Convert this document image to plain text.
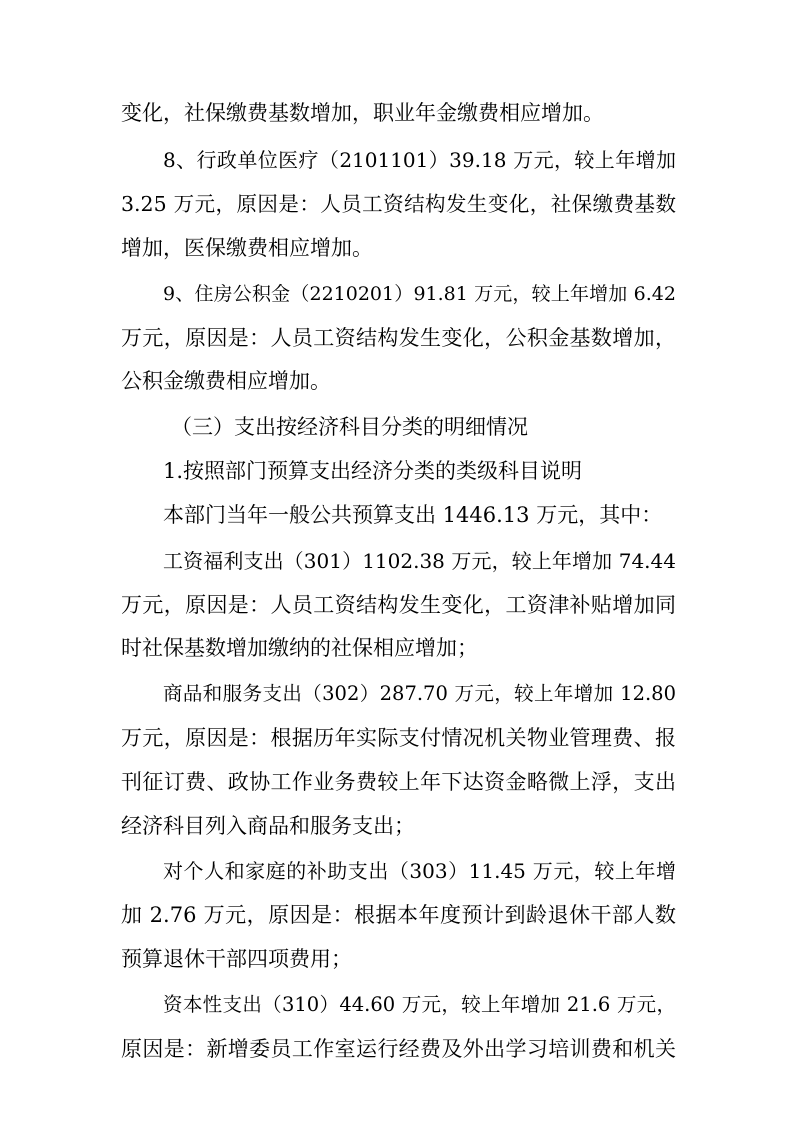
变化，社保缴费基数增加，职业年金缴费相应增加。
8、行政单位医疗（2101101）39.18 万元，较上年增加
3.25 万元，原因是：人员工资结构发生变化，社保缴费基数
增加，医保缴费相应增加。
9、住房公积金（2210201）91.81 万元，较上年增加 6.42
万元，原因是：人员工资结构发生变化，公积金基数增加，
公积金缴费相应增加。
（三）支出按经济科目分类的明细情况
1.按照部门预算支出经济分类的类级科目说明
本部门当年一般公共预算支出 1446.13 万元，其中：
工资福利支出（301）1102.38 万元，较上年增加 74.44
万元，原因是：人员工资结构发生变化，工资津补贴增加同
时社保基数增加缴纳的社保相应增加；
商品和服务支出（302）287.70 万元，较上年增加 12.80
万元，原因是：根据历年实际支付情况机关物业管理费、报
刊征订费、政协工作业务费较上年下达资金略微上浮，支出
经济科目列入商品和服务支出；
对个人和家庭的补助支出（303）11.45 万元，较上年增
加 2.76 万元，原因是：根据本年度预计到龄退休干部人数
预算退休干部四项费用；
资本性支出（310）44.60 万元，较上年增加 21.6 万元，
原因是：新增委员工作室运行经费及外出学习培训费和机关
